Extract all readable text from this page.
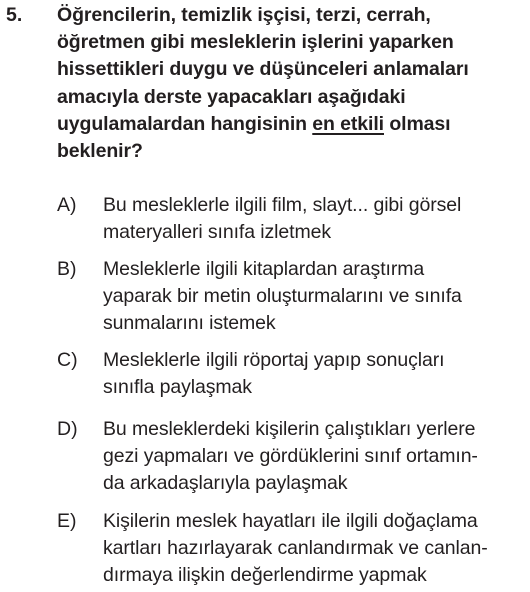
5. Öğrencilerin, temizlik işçisi, terzi, cerrah,
öğretmen gibi mesleklerin işlerini yaparken
hissettikleri duygu ve düşünceleri anlamaları
amacıyla derste yapacakları aşağıdaki
uygulamalardan hangisinin en etkili olması
beklenir?
A) Bu mesleklerle ilgili film, slayt... gibi görsel
materyalleri sınıfa izletmek
B) Mesleklerle ilgili kitaplardan araştırma
yaparak bir metin oluşturmalarını ve sınıfa
sunmalarını istemek
C) Mesleklerle ilgili röportaj yapıp sonuçları
sınıfla paylaşmak
D) Bu mesleklerdeki kişilerin çalıştıkları yerlere
gezi yapmaları ve gördüklerini sınıf ortamın-
da arkadaşlarıyla paylaşmak
E) Kişilerin meslek hayatları ile ilgili doğaçlama
kartları hazırlayarak canlandırmak ve canlan-
dırmaya ilişkin değerlendirme yapmak
